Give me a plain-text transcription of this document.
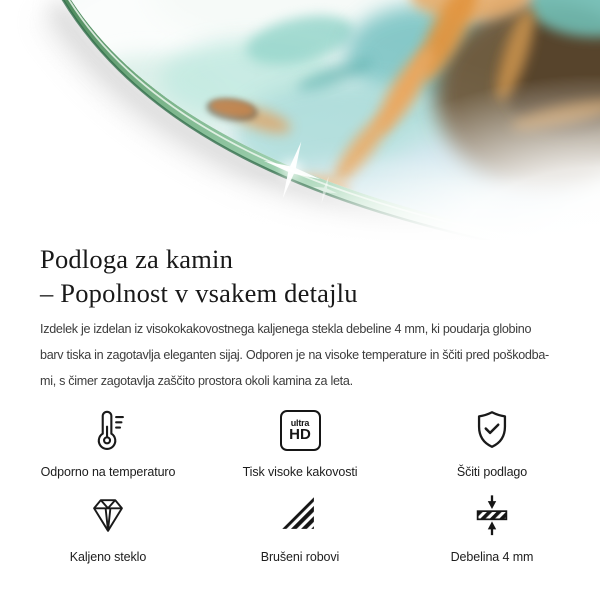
Podloga za kamin
– Popolnost v vsakem detajlu

Izdelek je izdelan iz visokokakovostnega kaljenega stekla debeline 4 mm, ki poudarja globino
barv tiska in zagotavlja eleganten sijaj. Odporen je na visoke temperature in ščiti pred poškodba-
mi, s čimer zagotavlja zaščito prostora okoli kamina za leta.

Odporno na temperaturo
ultra
HD
Tisk visoke kakovosti	Ščiti podlago
Kaljeno steklo	Brušeni robovi	Debelina 4 mm
